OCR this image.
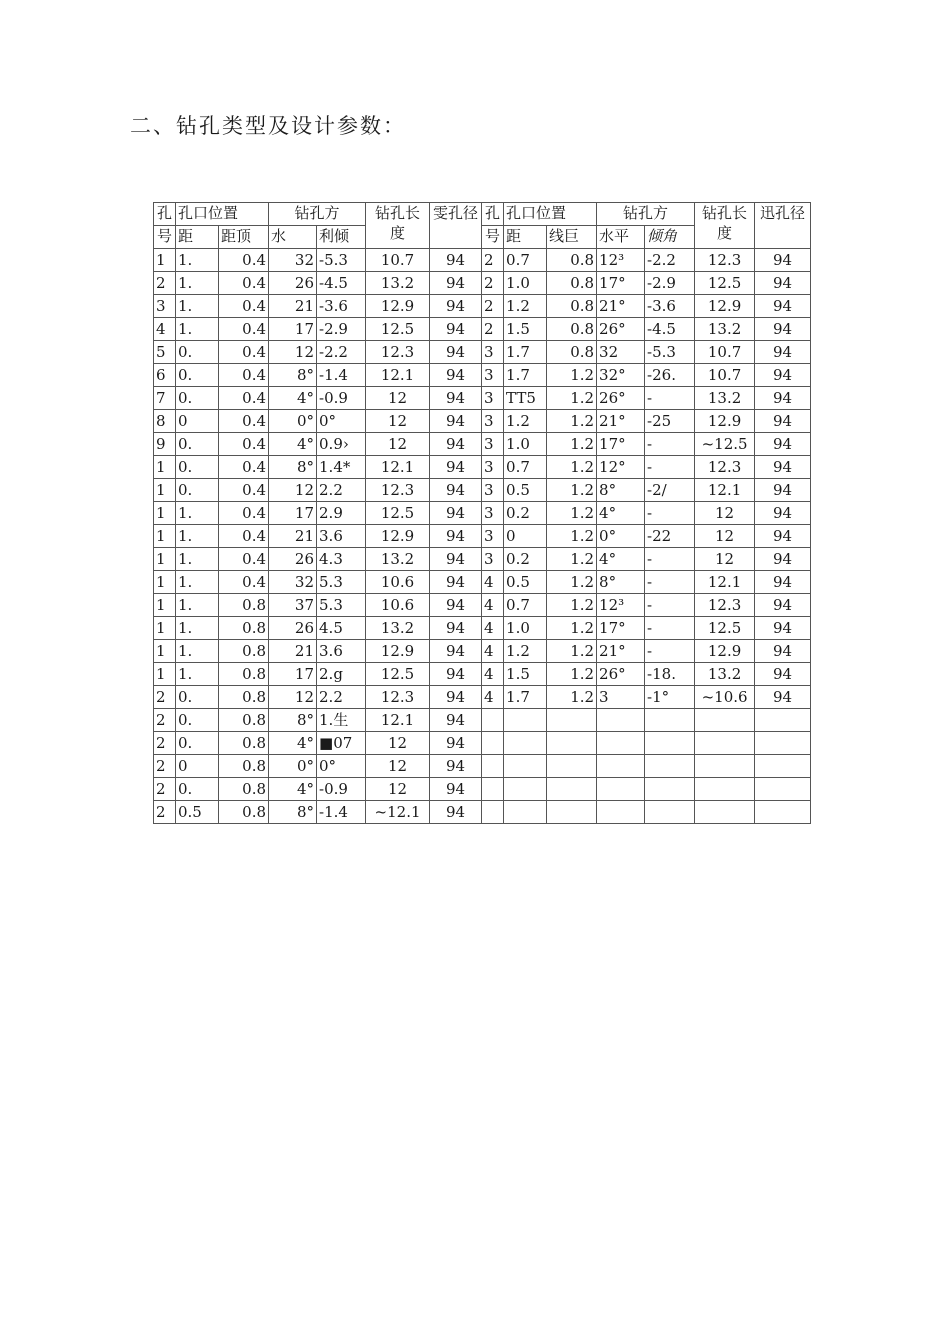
二、钻孔类型及设计参数：
孔	孔口位置		钻孔方		钻孔长度	雯孔径	孔	孔口位置		钻孔方		钻孔长度	迅孔径
号	距	距顶	水	利倾			号	距	线巨	水平	倾角		
1	1.	0.4	32	-5.3	10.7	94	2	0.7	0.8	12³	-2.2	12.3	94
2	1.	0.4	26	-4.5	13.2	94	2	1.0	0.8	17°	-2.9	12.5	94
3	1.	0.4	21	-3.6	12.9	94	2	1.2	0.8	21°	-3.6	12.9	94
4	1.	0.4	17	-2.9	12.5	94	2	1.5	0.8	26°	-4.5	13.2	94
5	0.	0.4	12	-2.2	12.3	94	3	1.7	0.8	32	-5.3	10.7	94
6	0.	0.4	8°	-1.4	12.1	94	3	1.7	1.2	32°	-26.	10.7	94
7	0.	0.4	4°	-0.9	12	94	3	TT5	1.2	26°	-	13.2	94
8	0	0.4	0°	0°	12	94	3	1.2	1.2	21°	-25	12.9	94
9	0.	0.4	4°	0.9›	12	94	3	1.0	1.2	17°	-	~12.5	94
1	0.	0.4	8°	1.4*	12.1	94	3	0.7	1.2	12°	-	12.3	94
1	0.	0.4	12	2.2	12.3	94	3	0.5	1.2	8°	-2/	12.1	94
1	1.	0.4	17	2.9	12.5	94	3	0.2	1.2	4°	-	12	94
1	1.	0.4	21	3.6	12.9	94	3	0	1.2	0°	-22	12	94
1	1.	0.4	26	4.3	13.2	94	3	0.2	1.2	4°	-	12	94
1	1.	0.4	32	5.3	10.6	94	4	0.5	1.2	8°	-	12.1	94
1	1.	0.8	37	5.3	10.6	94	4	0.7	1.2	12³	-	12.3	94
1	1.	0.8	26	4.5	13.2	94	4	1.0	1.2	17°	-	12.5	94
1	1.	0.8	21	3.6	12.9	94	4	1.2	1.2	21°	-	12.9	94
1	1.	0.8	17	2.g	12.5	94	4	1.5	1.2	26°	-18.	13.2	94
2	0.	0.8	12	2.2	12.3	94	4	1.7	1.2	3	-1°	~10.6	94
2	0.	0.8	8°	1.生	12.1	94							
2	0.	0.8	4°	■07	12	94							
2	0	0.8	0°	0°	12	94							
2	0.	0.8	4°	-0.9	12	94							
2	0.5	0.8	8°	-1.4	~12.1	94							
